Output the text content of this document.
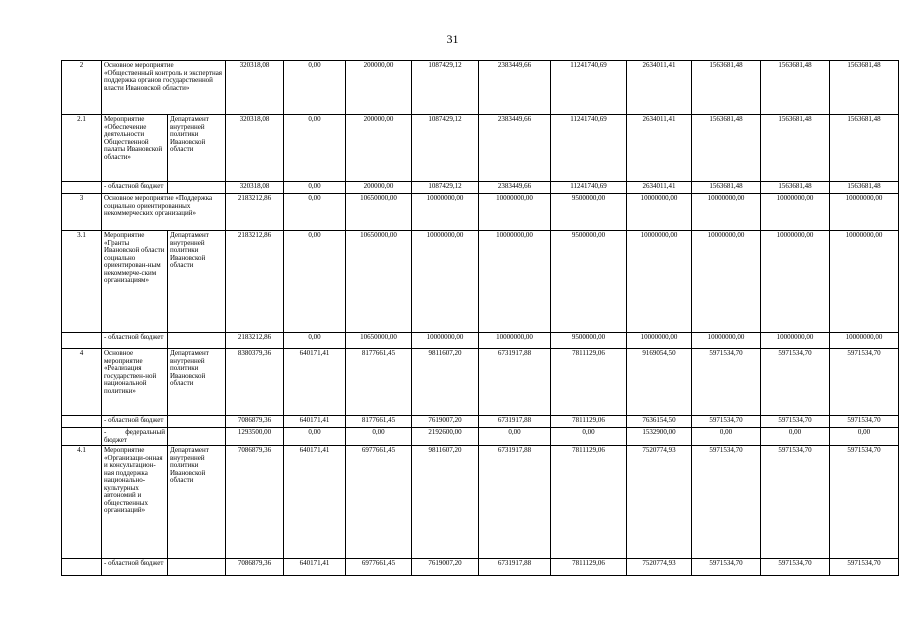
31
2	Основное мероприятие «Общественный контроль и экспертная поддержка органов государственной власти Ивановской области»		320318,08	0,00	200000,00	1087429,12	2383449,66	11241740,69	2634011,41	1563681,48	1563681,48	1563681,48
2.1	Мероприятие «Обеспечение деятельности Общественной палаты Ивановской области»	Департамент внутренней политики Ивановской области	320318,08	0,00	200000,00	1087429,12	2383449,66	11241740,69	2634011,41	1563681,48	1563681,48	1563681,48
	- областной бюджет		320318,08	0,00	200000,00	1087429,12	2383449,66	11241740,69	2634011,41	1563681,48	1563681,48	1563681,48
3	Основное мероприятие «Поддержка социально ориентированных некоммерческих организаций»		2183212,86	0,00	10650000,00	10000000,00	10000000,00	9500000,00	10000000,00	10000000,00	10000000,00	10000000,00
3.1	Мероприятие «Гранты Ивановской области социально ориентирован-ным некоммерче-ским организациям»	Департамент внутренней политики Ивановской области	2183212,86	0,00	10650000,00	10000000,00	10000000,00	9500000,00	10000000,00	10000000,00	10000000,00	10000000,00
	- областной бюджет		2183212,86	0,00	10650000,00	10000000,00	10000000,00	9500000,00	10000000,00	10000000,00	10000000,00	10000000,00
4	Основное мероприятие «Реализация государствен-ной национальной политики»	Департамент внутренней политики Ивановской области	8380379,36	640171,41	8177661,45	9811607,20	6731917,88	7811129,06	9169054,50	5971534,70	5971534,70	5971534,70
	- областной бюджет		7086879,36	640171,41	8177661,45	7619007,20	6731917,88	7811129,06	7636154,50	5971534,70	5971534,70	5971534,70
	- федеральный бюджет		1293500,00	0,00	0,00	2192600,00	0,00	0,00	1532900,00	0,00	0,00	0,00
4.1	Мероприятие «Организаци-онная и консультацион-ная поддержка национально-культурных автономий и общественных организаций»	Департамент внутренней политики Ивановской области	7086879,36	640171,41	6977661,45	9811607,20	6731917,88	7811129,06	7520774,93	5971534,70	5971534,70	5971534,70
	- областной бюджет		7086879,36	640171,41	6977661,45	7619007,20	6731917,88	7811129,06	7520774,93	5971534,70	5971534,70	5971534,70
